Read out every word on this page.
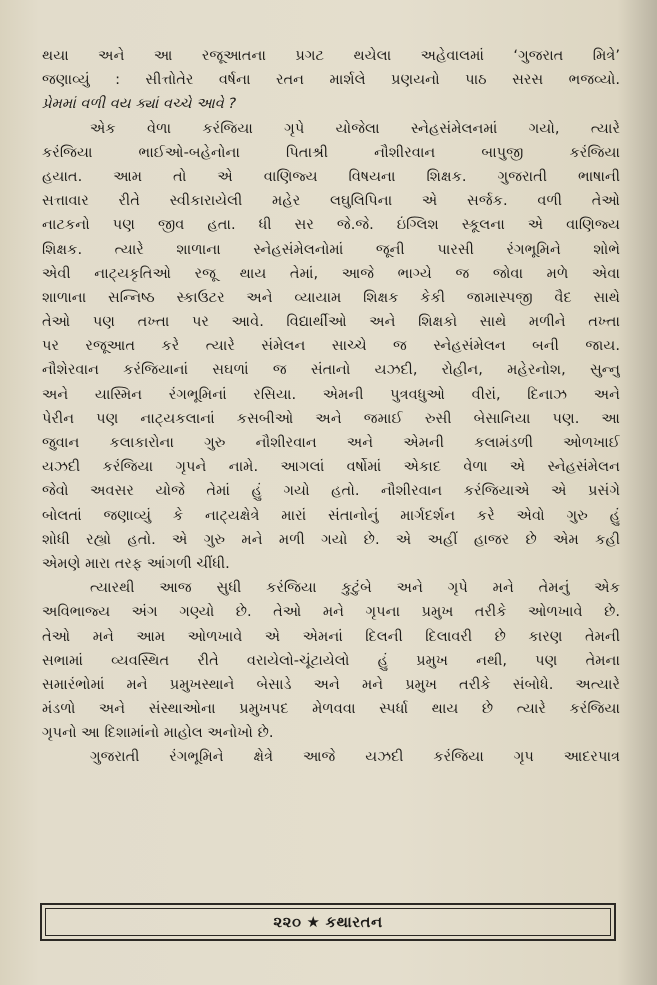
થયા અને આ રજૂઆતના પ્રગટ થયેલા અહેવાલમાં ‘ગુજરાત મિત્રે’
જણાવ્યું : સીત્તોતેર વર્ષના રતન માર્શલે પ્રણયનો પાઠ સરસ ભજવ્યો.
પ્રેમમાં વળી વય ક્યાં વચ્ચે આવે ?
એક વેળા કરંજિયા ગૃપે યોજેલા સ્નેહસંમેલનમાં ગયો, ત્યારે
કરંજિયા ભાઈઓ-બહેનોના પિતાશ્રી નૌશીરવાન બાપુજી કરંજિયા
હયાત. આમ તો એ વાણિજ્ય વિષયના શિક્ષક. ગુજરાતી ભાષાની
સત્તાવાર રીતે સ્વીકારાયેલી મહેર લઘુલિપિના એ સર્જક. વળી તેઓ
નાટકનો પણ જીવ હતા. ધી સર જે.જે. ઇંગ્લિશ સ્કૂલના એ વાણિજ્ય
શિક્ષક. ત્યારે શાળાના સ્નેહસંમેલનોમાં જૂની પારસી રંગભૂમિને શોભે
એવી નાટ્યકૃતિઓ રજૂ થાય તેમાં, આજે ભાગ્યે જ જોવા મળે એવા
શાળાના સન્નિષ્ઠ સ્કાઉટર અને વ્યાયામ શિક્ષક કેકી જામાસ્પજી વૈદ સાથે
તેઓ પણ તખ્તા પર આવે. વિદ્યાર્થીઓ અને શિક્ષકો સાથે મળીને તખ્તા
પર રજૂઆત કરે ત્યારે સંમેલન સાચ્ચે જ સ્નેહસંમેલન બની જાય.
નૌશેરવાન કરંજિયાનાં સઘળાં જ સંતાનો યઝદી, રોહીન, મહેરનોશ, સુન્નુ
અને યાસ્મિન રંગભૂમિનાં રસિયા. એમની પુત્રવધુઓ વીરાં, દિનાઝ અને
પેરીન પણ નાટ્યકલાનાં કસબીઓ અને જમાઈ રુસી બેસાનિયા પણ. આ
જુવાન કલાકારોના ગુરુ નૌશીરવાન અને એમની કલામંડળી ઓળખાઈ
યઝદી કરંજિયા ગૃપને નામે. આગલાં વર્ષોમાં એકાદ વેળા એ સ્નેહસંમેલન
જેવો અવસર યોજે તેમાં હું ગયો હતો. નૌશીરવાન કરંજિયાએ એ પ્રસંગે
બોલતાં જણાવ્યું કે નાટ્યક્ષેત્રે મારાં સંતાનોનું માર્ગદર્શન કરે એવો ગુરુ હું
શોધી રહ્યો હતો. એ ગુરુ મને મળી ગયો છે. એ અહીં હાજર છે એમ કહી
એમણે મારા તરફ આંગળી ચીંધી.
ત્યારથી આજ સુધી કરંજિયા કુટુંબે અને ગૃપે મને તેમનું એક
અવિભાજ્ય અંગ ગણ્યો છે. તેઓ મને ગૃપના પ્રમુખ તરીકે ઓળખાવે છે.
તેઓ મને આમ ઓળખાવે એ એમનાં દિલની દિલાવરી છે કારણ તેમની
સભામાં વ્યવસ્થિત રીતે વરાયેલો-ચૂંટાયેલો હું પ્રમુખ નથી, પણ તેમના
સમારંભોમાં મને પ્રમુખસ્થાને બેસાડે અને મને પ્રમુખ તરીકે સંબોધે. અત્યારે
મંડળો અને સંસ્થાઓના પ્રમુખપદ મેળવવા સ્પર્ધા થાય છે ત્યારે કરંજિયા
ગૃપનો આ દિશામાંનો માહોલ અનોખો છે.
ગુજરાતી રંગભૂમિને ક્ષેત્રે આજે યઝદી કરંજિયા ગૃપ આદરપાત્ર
૨૨૦ ★ કથારતન
